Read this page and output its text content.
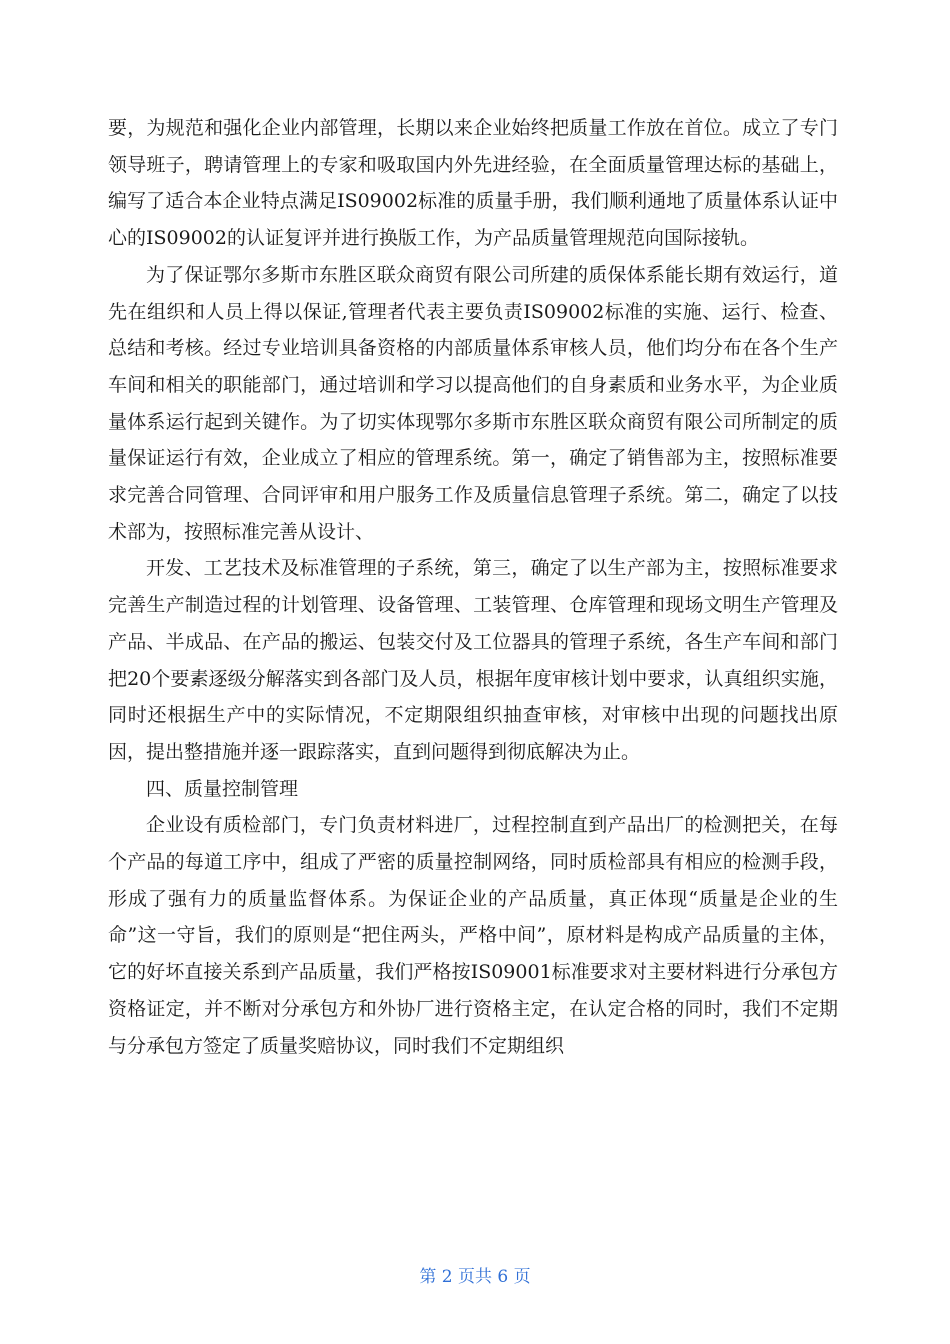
要，为规范和强化企业内部管理，长期以来企业始终把质量工作放在首位。成立了专门领导班子，聘请管理上的专家和吸取国内外先进经验，在全面质量管理达标的基础上，编写了适合本企业特点满足IS09002标准的质量手册，我们顺利通地了质量体系认证中心的IS09002的认证复评并进行换版工作，为产品质量管理规范向国际接轨。

为了保证鄂尔多斯市东胜区联众商贸有限公司所建的质保体系能长期有效运行，道先在组织和人员上得以保证,管理者代表主要负责IS09002标准的实施、运行、检查、总结和考核。经过专业培训具备资格的内部质量体系审核人员，他们均分布在各个生产车间和相关的职能部门，通过培训和学习以提高他们的自身素质和业务水平，为企业质量体系运行起到关键作。为了切实体现鄂尔多斯市东胜区联众商贸有限公司所制定的质量保证运行有效，企业成立了相应的管理系统。第一，确定了销售部为主，按照标准要求完善合同管理、合同评审和用户服务工作及质量信息管理子系统。第二，确定了以技术部为，按照标准完善从设计、

开发、工艺技术及标准管理的子系统，第三，确定了以生产部为主，按照标准要求完善生产制造过程的计划管理、设备管理、工装管理、仓库管理和现场文明生产管理及产品、半成品、在产品的搬运、包装交付及工位器具的管理子系统，各生产车间和部门把20个要素逐级分解落实到各部门及人员，根据年度审核计划中要求，认真组织实施，同时还根据生产中的实际情况，不定期限组织抽查审核，对审核中出现的问题找出原因，提出整措施并逐一跟踪落实，直到问题得到彻底解决为止。

四、质量控制管理

企业设有质检部门，专门负责材料进厂，过程控制直到产品出厂的检测把关，在每个产品的每道工序中，组成了严密的质量控制网络，同时质检部具有相应的检测手段，形成了强有力的质量监督体系。为保证企业的产品质量，真正体现“质量是企业的生命”这一守旨，我们的原则是“把住两头，严格中间”，原材料是构成产品质量的主体，它的好坏直接关系到产品质量，我们严格按IS09001标准要求对主要材料进行分承包方资格证定，并不断对分承包方和外协厂进行资格主定，在认定合格的同时，我们不定期与分承包方签定了质量奖赔协议，同时我们不定期组织

第 2 页共 6 页
